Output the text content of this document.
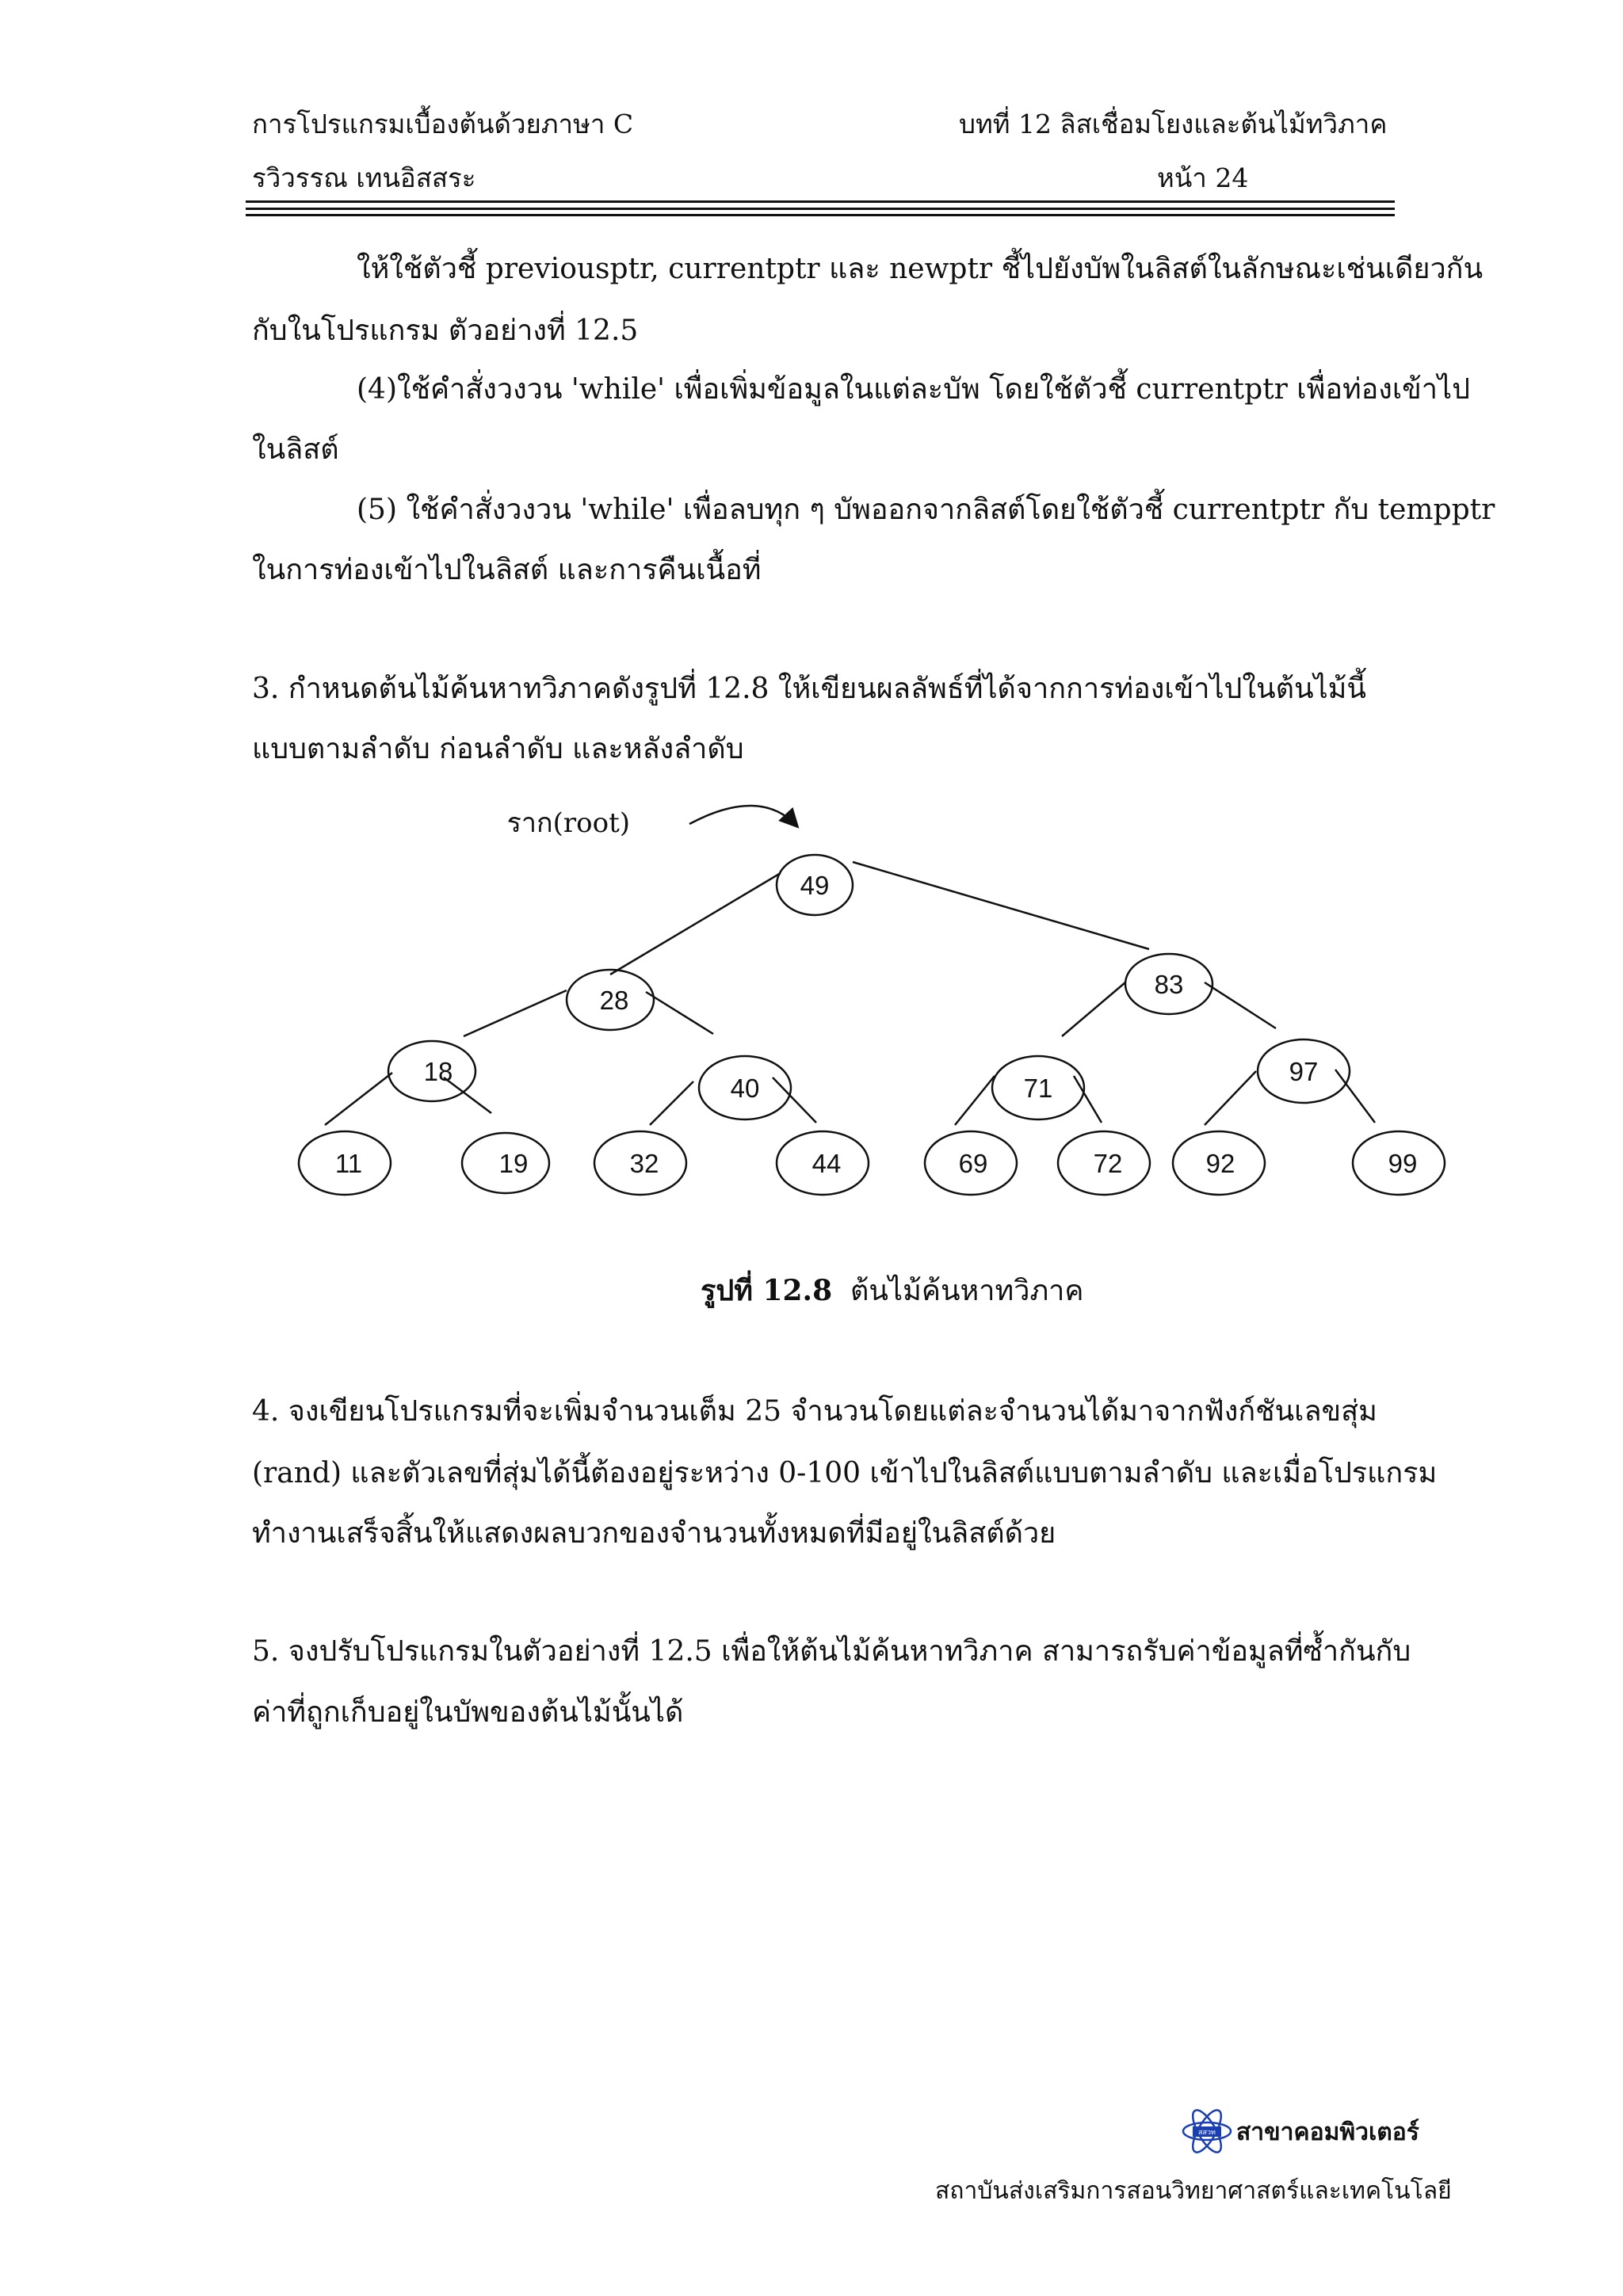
การโปรแกรมเบื้องต้นด้วยภาษา C
รวิวรรณ เทนอิสสระ
บทที่ 12 ลิสเชื่อมโยงและต้นไม้ทวิภาค
หน้า 24
ให้ใช้ตัวชี้ previousptr, currentptr และ newptr ชี้ไปยังบัพในลิสต์ในลักษณะเช่นเดียวกัน
กับในโปรแกรม ตัวอย่างที่ 12.5
(4)ใช้คำสั่งวงวน 'while' เพื่อเพิ่มข้อมูลในแต่ละบัพ โดยใช้ตัวชี้ currentptr เพื่อท่องเข้าไป
ในลิสต์
(5) ใช้คำสั่งวงวน 'while' เพื่อลบทุก ๆ บัพออกจากลิสต์โดยใช้ตัวชี้ currentptr กับ tempptr
ในการท่องเข้าไปในลิสต์ และการคืนเนื้อที่
3. กำหนดต้นไม้ค้นหาทวิภาคดังรูปที่ 12.8 ให้เขียนผลลัพธ์ที่ได้จากการท่องเข้าไปในต้นไม้นี้
แบบตามลำดับ ก่อนลำดับ และหลังลำดับ
ราก(root)
49
28
83
18
40	71
97
11	19	32	44	69	72	92	99
รูปที่ 12.8 ต้นไม้ค้นหาทวิภาค
4. จงเขียนโปรแกรมที่จะเพิ่มจำนวนเต็ม 25 จำนวนโดยแต่ละจำนวนได้มาจากฟังก์ชันเลขสุ่ม
(rand) และตัวเลขที่สุ่มได้นี้ต้องอยู่ระหว่าง 0-100 เข้าไปในลิสต์แบบตามลำดับ และเมื่อโปรแกรม
ทำงานเสร็จสิ้นให้แสดงผลบวกของจำนวนทั้งหมดที่มีอยู่ในลิสต์ด้วย
5. จงปรับโปรแกรมในตัวอย่างที่ 12.5 เพื่อให้ต้นไม้ค้นหาทวิภาค สามารถรับค่าข้อมูลที่ซ้ำกันกับ
ค่าที่ถูกเก็บอยู่ในบัพของต้นไม้นั้นได้
สสวท สาขาคอมพิวเตอร์
สถาบันส่งเสริมการสอนวิทยาศาสตร์และเทคโนโลยี
